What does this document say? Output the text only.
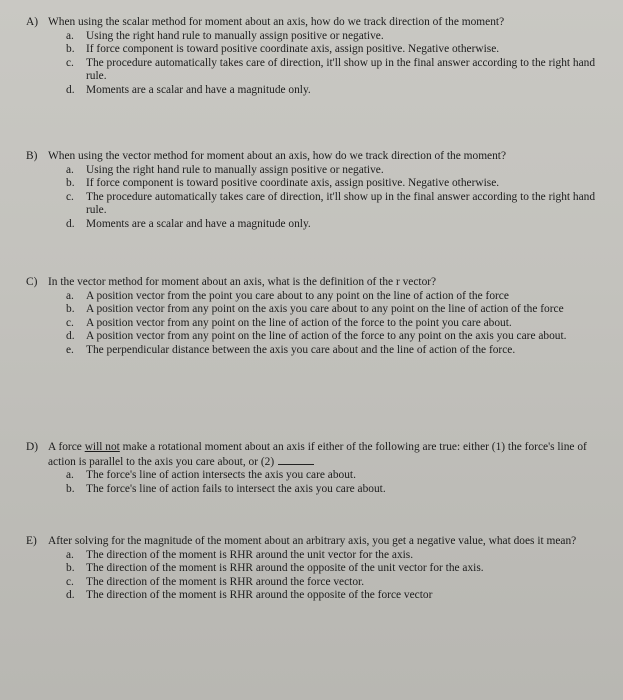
A) When using the scalar method for moment about an axis, how do we track direction of the moment?
a.	Using the right hand rule to manually assign positive or negative.
b.	If force component is toward positive coordinate axis, assign positive. Negative otherwise.
c.	The procedure automatically takes care of direction, it'll show up in the final answer according to the right hand rule.
d.	Moments are a scalar and have a magnitude only.
B) When using the vector method for moment about an axis, how do we track direction of the moment?
a.	Using the right hand rule to manually assign positive or negative.
b.	If force component is toward positive coordinate axis, assign positive. Negative otherwise.
c.	The procedure automatically takes care of direction, it'll show up in the final answer according to the right hand rule.
d.	Moments are a scalar and have a magnitude only.
C) In the vector method for moment about an axis, what is the definition of the r vector?
a.	A position vector from the point you care about to any point on the line of action of the force
b.	A position vector from any point on the axis you care about to any point on the line of action of the force
c.	A position vector from any point on the line of action of the force to the point you care about.
d.	A position vector from any point on the line of action of the force to any point on the axis you care about.
e.	The perpendicular distance between the axis you care about and the line of action of the force.
D) A force will not make a rotational moment about an axis if either of the following are true: either (1) the force's line of action is parallel to the axis you care about, or (2)
a.	The force's line of action intersects the axis you care about.
b.	The force's line of action fails to intersect the axis you care about.
E) After solving for the magnitude of the moment about an arbitrary axis, you get a negative value, what does it mean?
a.	The direction of the moment is RHR around the unit vector for the axis.
b.	The direction of the moment is RHR around the opposite of the unit vector for the axis.
c.	The direction of the moment is RHR around the force vector.
d.	The direction of the moment is RHR around the opposite of the force vector
